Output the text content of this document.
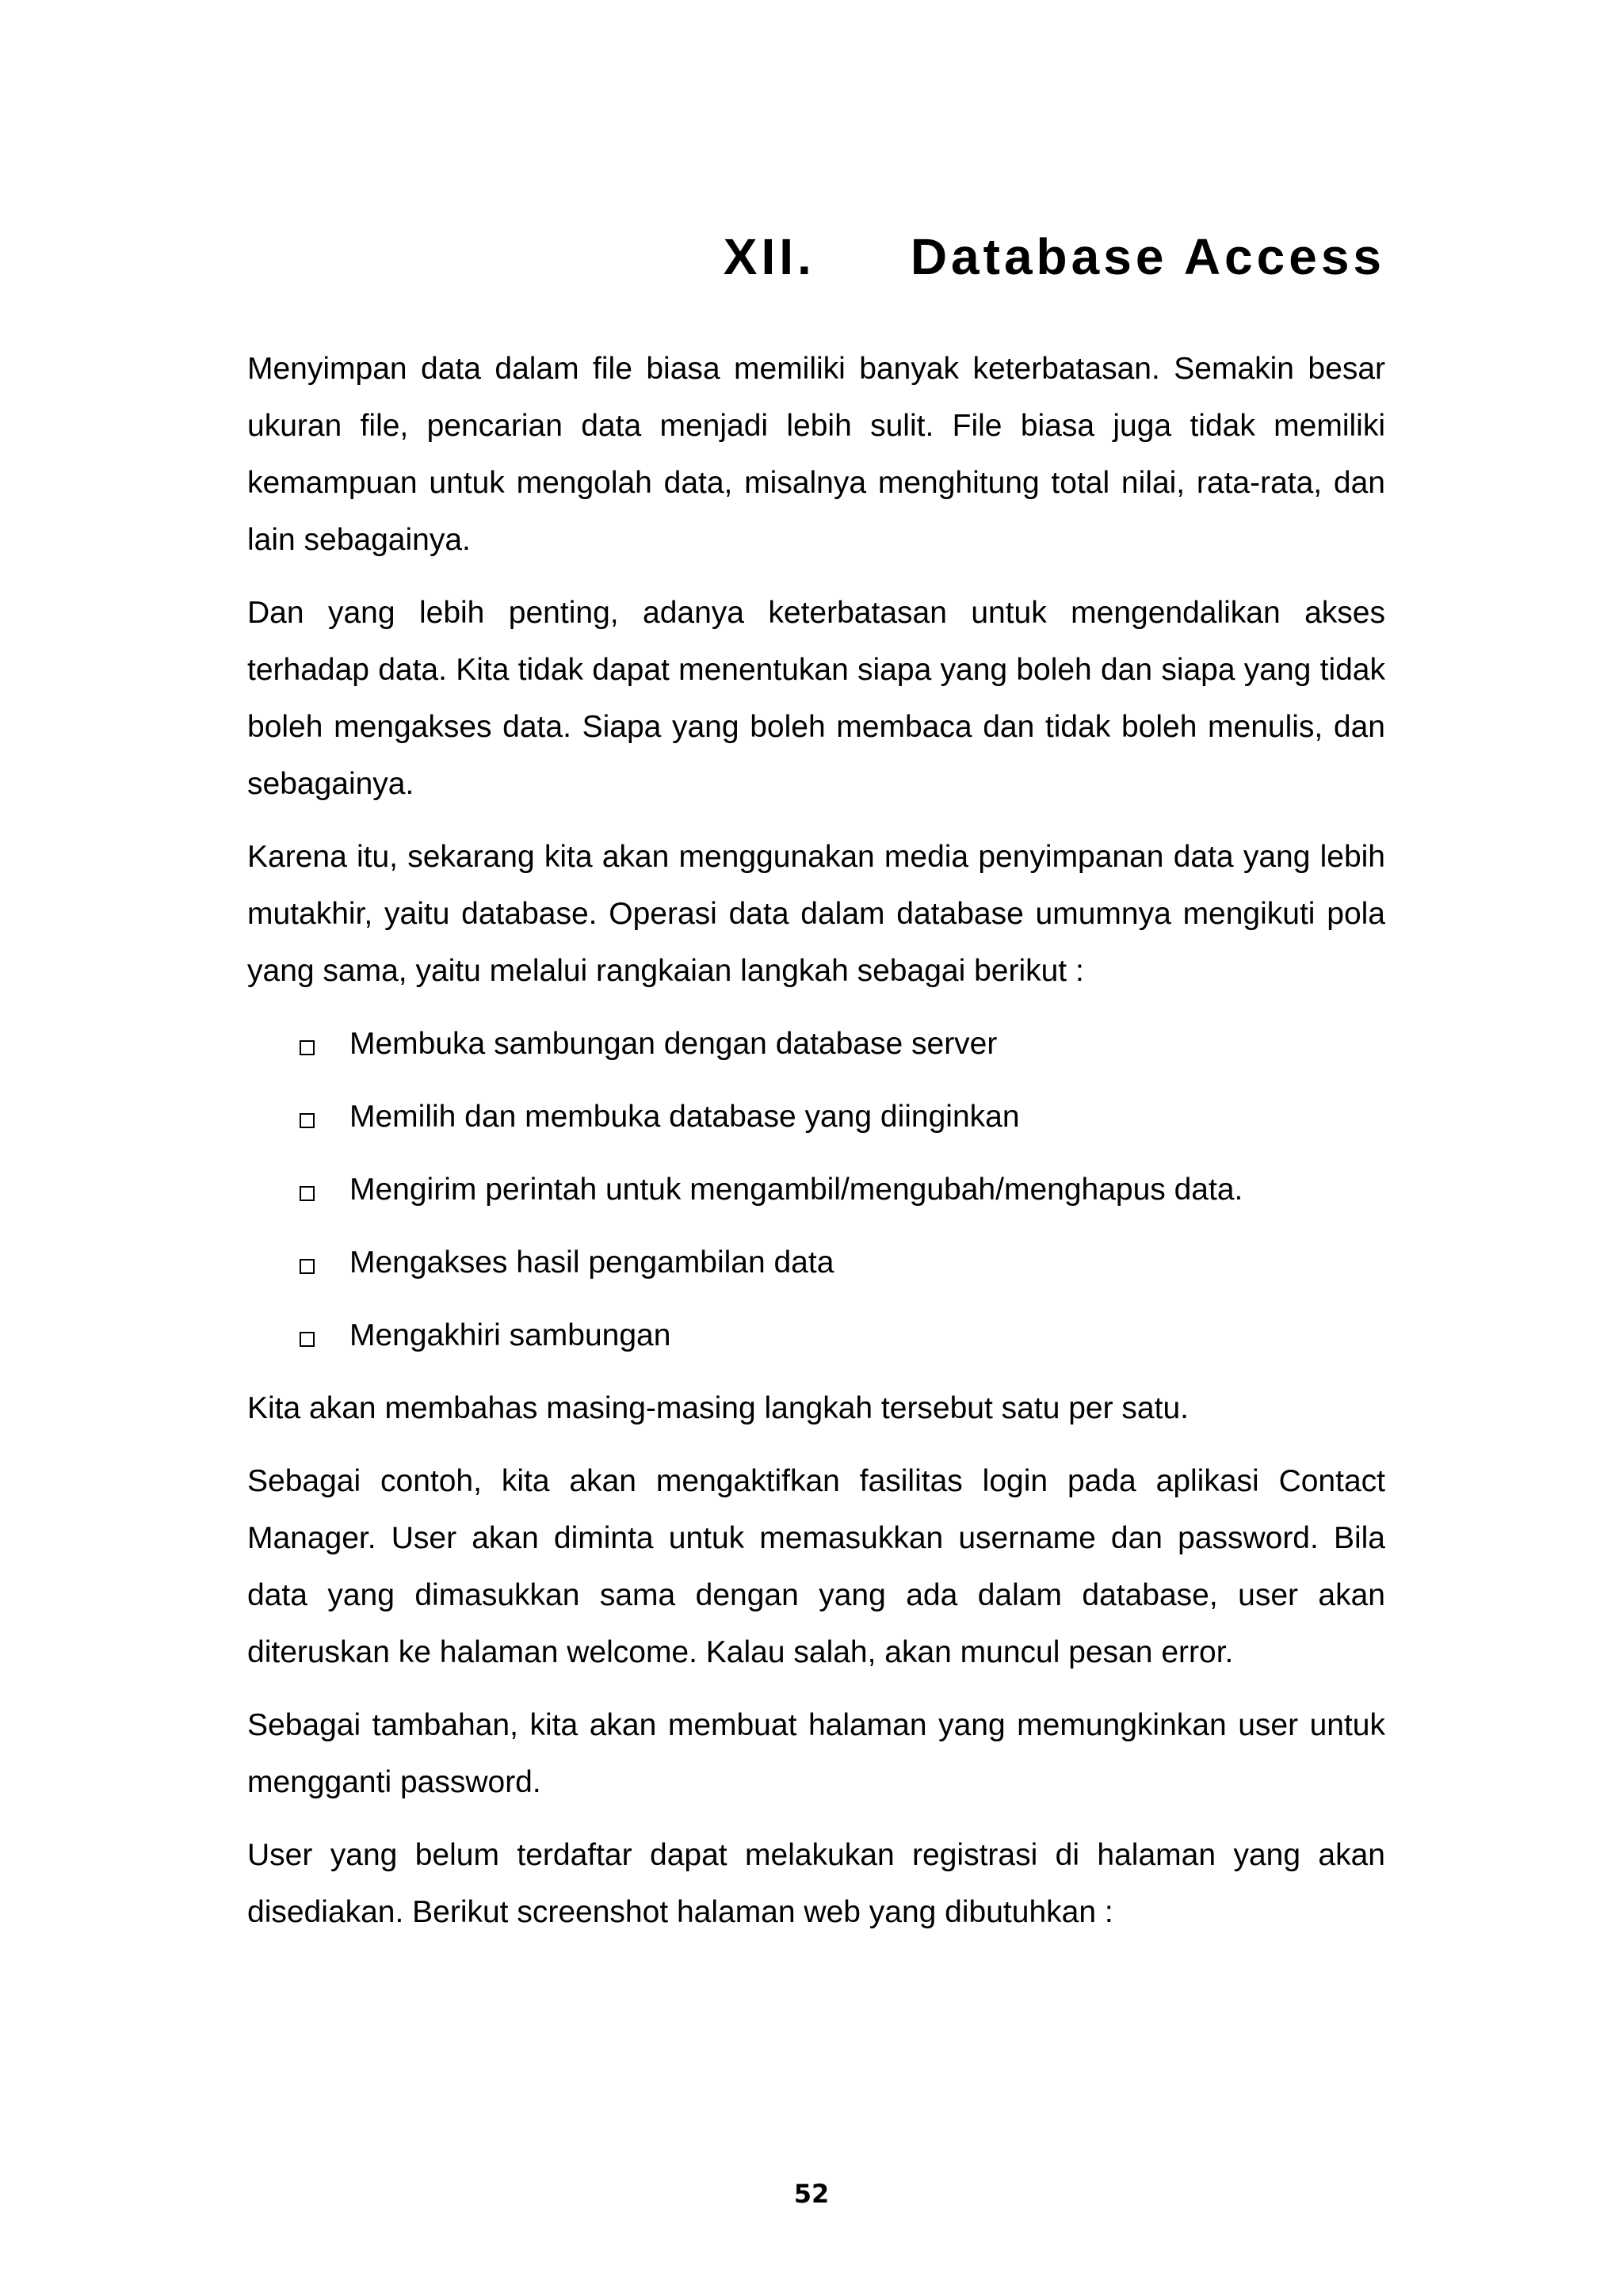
XII. Database Access

Menyimpan data dalam file biasa memiliki banyak keterbatasan. Semakin besar ukuran file, pencarian data menjadi lebih sulit. File biasa juga tidak memiliki kemampuan untuk mengolah data, misalnya menghitung total nilai, rata-rata, dan lain sebagainya.

Dan yang lebih penting, adanya keterbatasan untuk mengendalikan akses terhadap data. Kita tidak dapat menentukan siapa yang boleh dan siapa yang tidak boleh mengakses data. Siapa yang boleh membaca dan tidak boleh menulis, dan sebagainya.

Karena itu, sekarang kita akan menggunakan media penyimpanan data yang lebih mutakhir, yaitu database. Operasi data dalam database umumnya mengikuti pola yang sama, yaitu melalui rangkaian langkah sebagai berikut :

Membuka sambungan dengan database server
Memilih dan membuka database yang diinginkan
Mengirim perintah untuk mengambil/mengubah/menghapus data.
Mengakses hasil pengambilan data
Mengakhiri sambungan

Kita akan membahas masing-masing langkah tersebut satu per satu.

Sebagai contoh, kita akan mengaktifkan fasilitas login pada aplikasi Contact Manager. User akan diminta untuk memasukkan username dan password. Bila data yang dimasukkan sama dengan yang ada dalam database, user akan diteruskan ke halaman welcome. Kalau salah, akan muncul pesan error.

Sebagai tambahan, kita akan membuat halaman yang memungkinkan user untuk mengganti password.

User yang belum terdaftar dapat melakukan registrasi di halaman yang akan disediakan. Berikut screenshot halaman web yang dibutuhkan :

52
